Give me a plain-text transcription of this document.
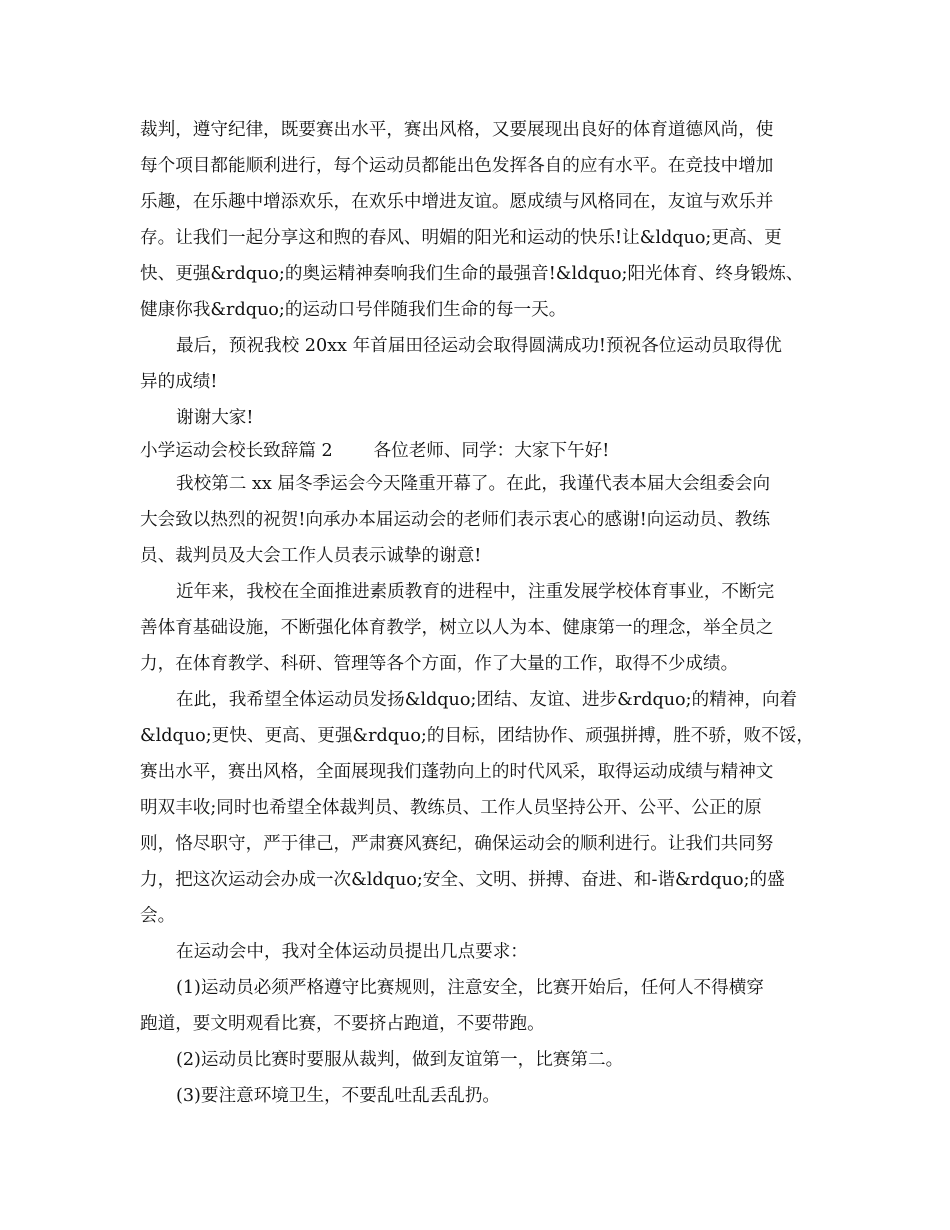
裁判，遵守纪律，既要赛出水平，赛出风格，又要展现出良好的体育道德风尚，使
每个项目都能顺利进行，每个运动员都能出色发挥各自的应有水平。在竞技中增加
乐趣，在乐趣中增添欢乐，在欢乐中增进友谊。愿成绩与风格同在，友谊与欢乐并
存。让我们一起分享这和煦的春风、明媚的阳光和运动的快乐!让&ldquo;更高、更
快、更强&rdquo;的奥运精神奏响我们生命的最强音!&ldquo;阳光体育、终身锻炼、
健康你我&rdquo;的运动口号伴随我们生命的每一天。
最后，预祝我校 20xx 年首届田径运动会取得圆满成功!预祝各位运动员取得优
异的成绩!
谢谢大家!
小学运动会校长致辞篇 2　　 各位老师、同学：大家下午好!
我校第二 xx 届冬季运会今天隆重开幕了。在此，我谨代表本届大会组委会向
大会致以热烈的祝贺!向承办本届运动会的老师们表示衷心的感谢!向运动员、教练
员、裁判员及大会工作人员表示诚挚的谢意!
近年来，我校在全面推进素质教育的进程中，注重发展学校体育事业，不断完
善体育基础设施，不断强化体育教学，树立以人为本、健康第一的理念，举全员之
力，在体育教学、科研、管理等各个方面，作了大量的工作，取得不少成绩。
在此，我希望全体运动员发扬&ldquo;团结、友谊、进步&rdquo;的精神，向着
&ldquo;更快、更高、更强&rdquo;的目标，团结协作、顽强拼搏，胜不骄，败不馁，
赛出水平，赛出风格，全面展现我们蓬勃向上的时代风采，取得运动成绩与精神文
明双丰收;同时也希望全体裁判员、教练员、工作人员坚持公开、公平、公正的原
则，恪尽职守，严于律己，严肃赛风赛纪，确保运动会的顺利进行。让我们共同努
力，把这次运动会办成一次&ldquo;安全、文明、拼搏、奋进、和-谐&rdquo;的盛
会。
在运动会中，我对全体运动员提出几点要求：
(1)运动员必须严格遵守比赛规则，注意安全，比赛开始后，任何人不得横穿
跑道，要文明观看比赛，不要挤占跑道，不要带跑。
(2)运动员比赛时要服从裁判，做到友谊第一，比赛第二。
(3)要注意环境卫生，不要乱吐乱丢乱扔。
